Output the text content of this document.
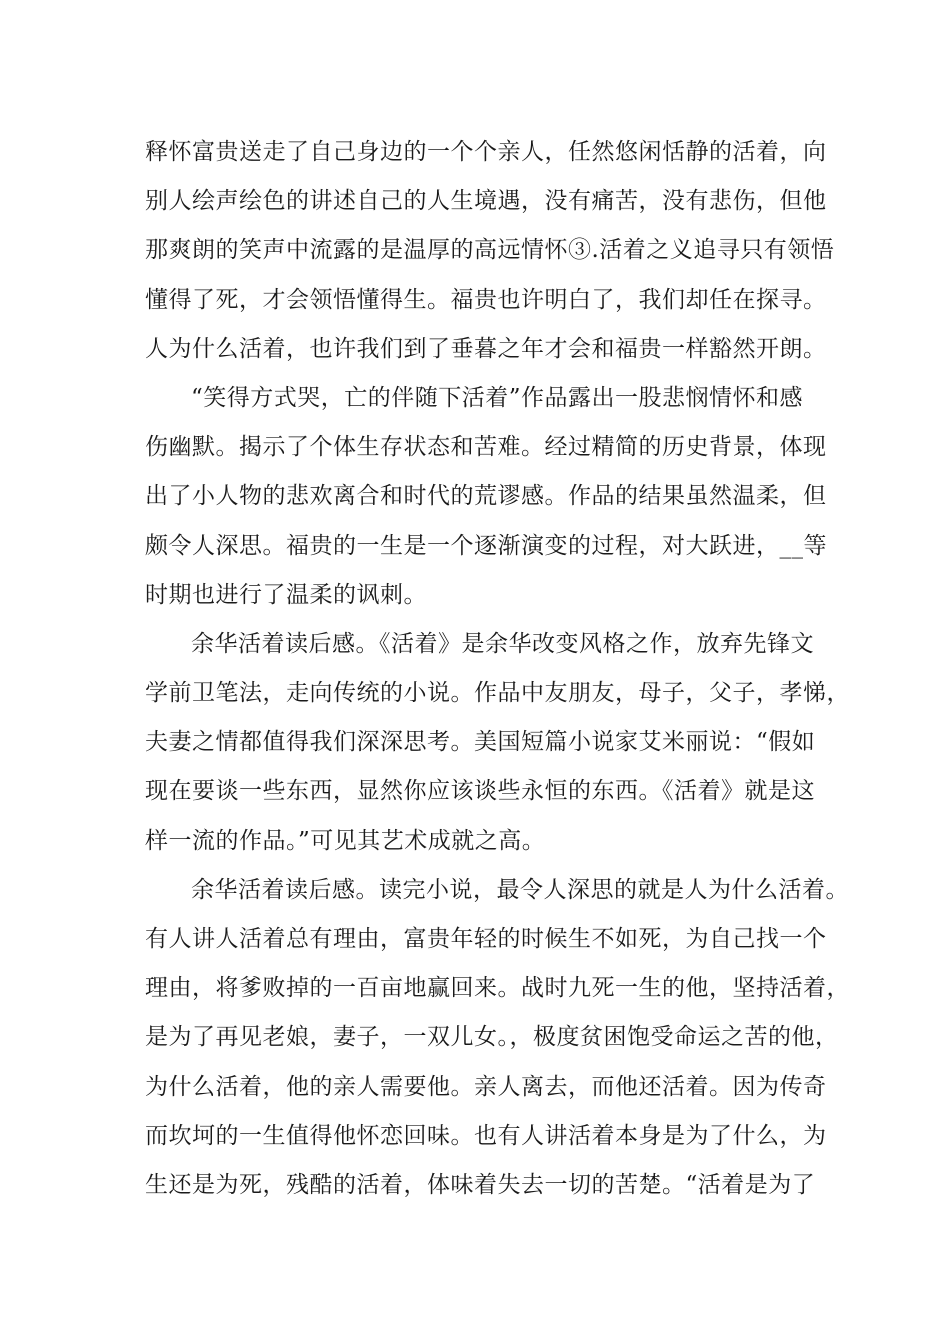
释怀富贵送走了自己身边的一个个亲人，任然悠闲恬静的活着，向
别人绘声绘色的讲述自己的人生境遇，没有痛苦，没有悲伤，但他
那爽朗的笑声中流露的是温厚的高远情怀③.活着之义追寻只有领悟
懂得了死，才会领悟懂得生。福贵也许明白了，我们却任在探寻。
人为什么活着，也许我们到了垂暮之年才会和福贵一样豁然开朗。
“笑得方式哭，亡的伴随下活着”作品露出一股悲悯情怀和感
伤幽默。揭示了个体生存状态和苦难。经过精简的历史背景，体现
出了小人物的悲欢离合和时代的荒谬感。作品的结果虽然温柔，但
颇令人深思。福贵的一生是一个逐渐演变的过程，对大跃进，__等
时期也进行了温柔的讽刺。
余华活着读后感。《活着》是余华改变风格之作，放弃先锋文
学前卫笔法，走向传统的小说。作品中友朋友，母子，父子，孝悌，
夫妻之情都值得我们深深思考。美国短篇小说家艾米丽说：“假如
现在要谈一些东西，显然你应该谈些永恒的东西。《活着》就是这
样一流的作品。”可见其艺术成就之高。
余华活着读后感。读完小说，最令人深思的就是人为什么活着。
有人讲人活着总有理由，富贵年轻的时候生不如死，为自己找一个
理由，将爹败掉的一百亩地赢回来。战时九死一生的他，坚持活着，
是为了再见老娘，妻子，一双儿女。，极度贫困饱受命运之苦的他，
为什么活着，他的亲人需要他。亲人离去，而他还活着。因为传奇
而坎坷的一生值得他怀恋回味。也有人讲活着本身是为了什么，为
生还是为死，残酷的活着，体味着失去一切的苦楚。“活着是为了
